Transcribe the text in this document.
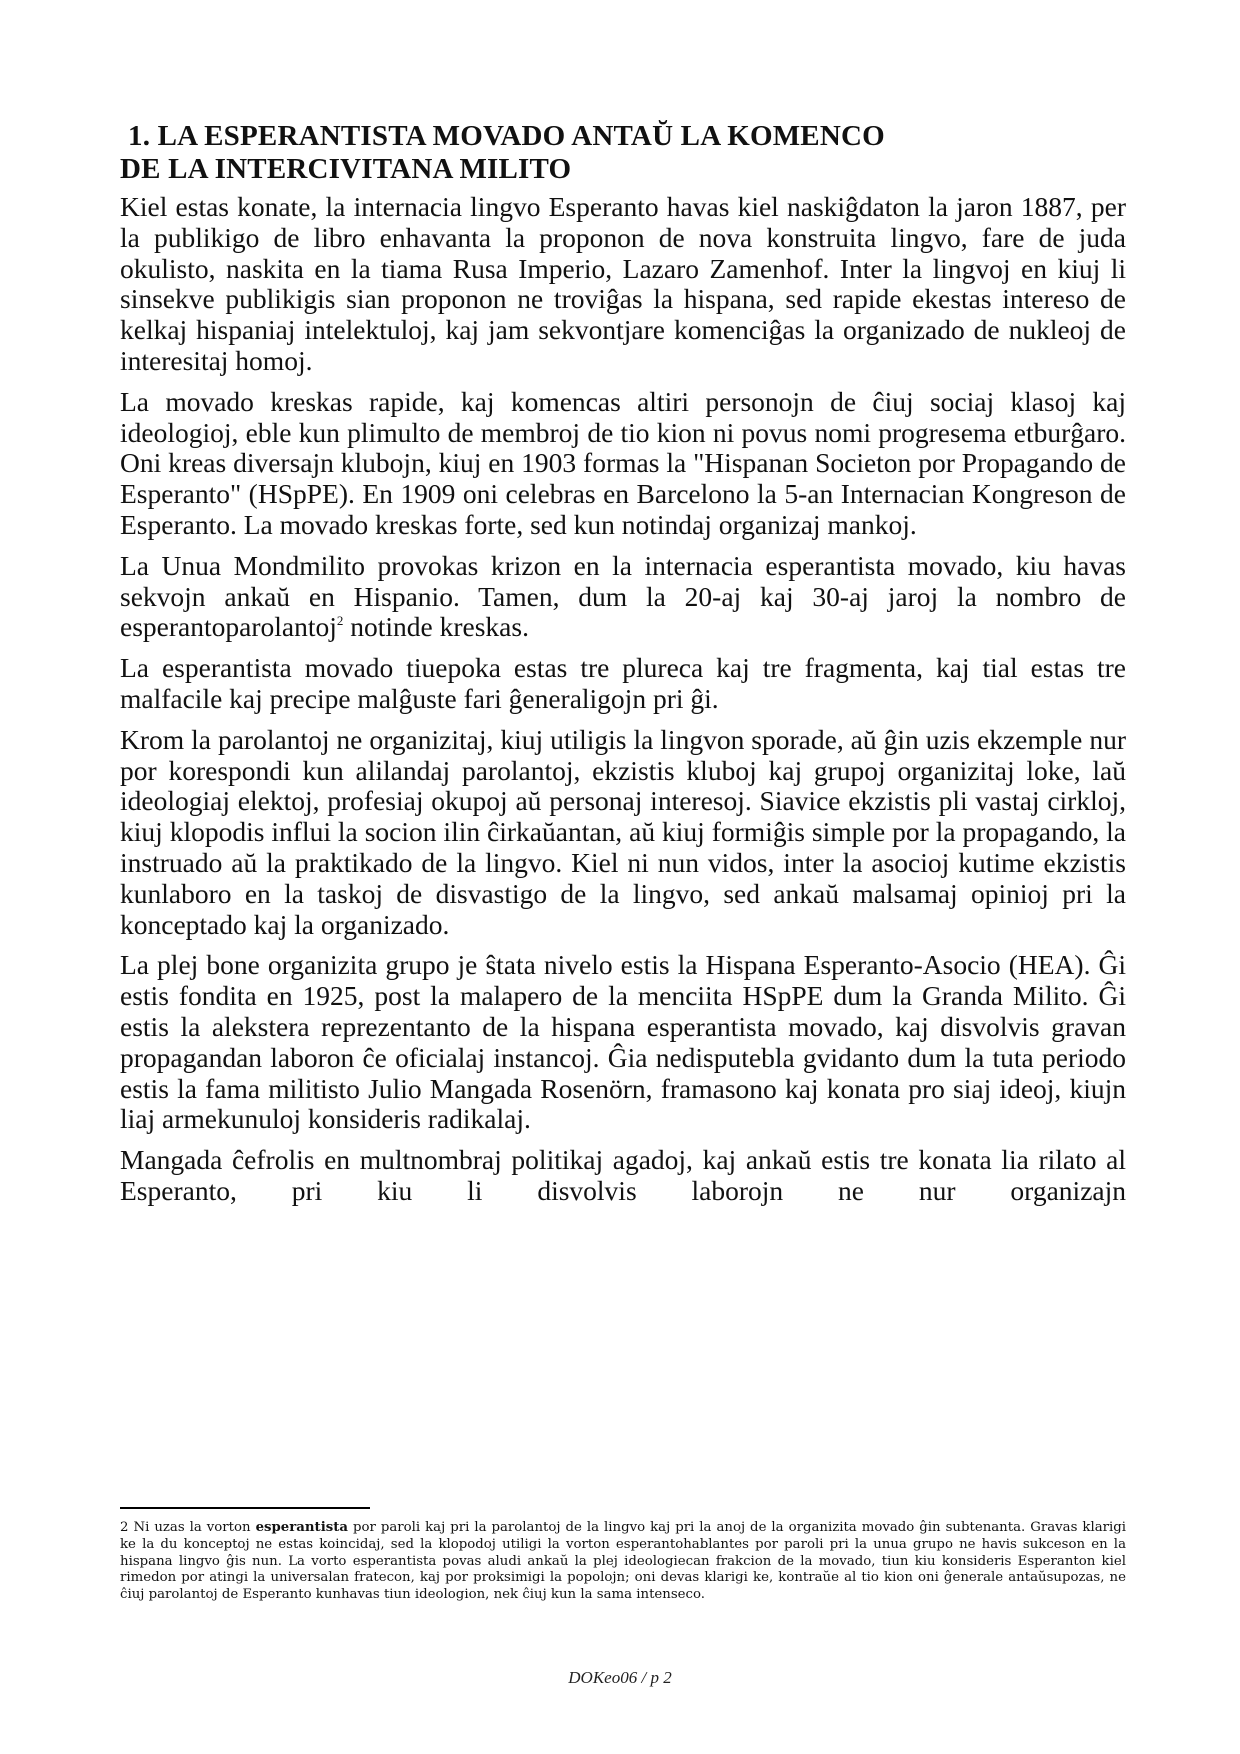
1. LA ESPERANTISTA MOVADO ANTAŬ LA KOMENCO
DE LA INTERCIVITANA MILITO

Kiel estas konate, la internacia lingvo Esperanto havas kiel naskiĝdaton la jaron 1887, per la publikigo de libro enhavanta la proponon de nova konstruita lingvo, fare de juda okulisto, naskita en la tiama Rusa Imperio, Lazaro Zamenhof. Inter la lingvoj en kiuj li sinsekve publikigis sian proponon ne troviĝas la hispana, sed rapide ekestas intereso de kelkaj hispaniaj intelektuloj, kaj jam sekvontjare komenciĝas la organizado de nukleoj de interesitaj homoj.

La movado kreskas rapide, kaj komencas altiri personojn de ĉiuj sociaj klasoj kaj ideologioj, eble kun plimulto de membroj de tio kion ni povus nomi progresema etburĝaro. Oni kreas diversajn klubojn, kiuj en 1903 formas la "Hispanan Societon por Propagando de Esperanto" (HSpPE). En 1909 oni celebras en Barcelono la 5-an Internacian Kongreson de Esperanto. La movado kreskas forte, sed kun notindaj organizaj mankoj.

La Unua Mondmilito provokas krizon en la internacia esperantista movado, kiu havas sekvojn ankaŭ en Hispanio. Tamen, dum la 20-aj kaj 30-aj jaroj la nombro de esperantoparolantoj$^2$ notinde kreskas.

La esperantista movado tiuepoka estas tre plureca kaj tre fragmenta, kaj tial estas tre malfacile kaj precipe malĝuste fari ĝeneraligojn pri ĝi.

Krom la parolantoj ne organizitaj, kiuj utiligis la lingvon sporade, aŭ ĝin uzis ekzemple nur por korespondi kun alilandaj parolantoj, ekzistis kluboj kaj grupoj organizitaj loke, laŭ ideologiaj elektoj, profesiaj okupoj aŭ personaj interesoj. Siavice ekzistis pli vastaj cirkloj, kiuj klopodis influi la socion ilin ĉirkaŭantan, aŭ kiuj formiĝis simple por la propagando, la instruado aŭ la praktikado de la lingvo. Kiel ni nun vidos, inter la asocioj kutime ekzistis kunlaboro en la taskoj de disvastigo de la lingvo, sed ankaŭ malsamaj opinioj pri la konceptado kaj la organizado.

La plej bone organizita grupo je ŝtata nivelo estis la Hispana Esperanto-Asocio (HEA). Ĝi estis fondita en 1925, post la malapero de la menciita HSpPE dum la Granda Milito. Ĝi estis la alekstera reprezentanto de la hispana esperantista movado, kaj disvolvis gravan propagandan laboron ĉe oficialaj instancoj. Ĝia nedisputebla gvidanto dum la tuta periodo estis la fama militisto Julio Mangada Rosenörn, framasono kaj konata pro siaj ideoj, kiujn liaj armekunuloj konsideris radikalaj.

Mangada ĉefrolis en multnombraj politikaj agadoj, kaj ankaŭ estis tre konata lia rilato al Esperanto, pri kiu li disvolvis laborojn ne nur organizajn

2 Ni uzas la vorton esperantista por paroli kaj pri la parolantoj de la lingvo kaj pri la anoj de la organizita movado ĝin subtenanta. Gravas klarigi ke la du konceptoj ne estas koincidaj, sed la klopodoj utiligi la vorton esperantohablantes por paroli pri la unua grupo ne havis sukceson en la hispana lingvo ĝis nun. La vorto esperantista povas aludi ankaŭ la plej ideologiecan frakcion de la movado, tiun kiu konsideris Esperanton kiel rimedon por atingi la universalan fratecon, kaj por proksimigi la popolojn; oni devas klarigi ke, kontraŭe al tio kion oni ĝenerale antaŭsupozas, ne ĉiuj parolantoj de Esperanto kunhavas tiun ideologion, nek ĉiuj kun la sama intenseco.
DOKeo06 / p 2
